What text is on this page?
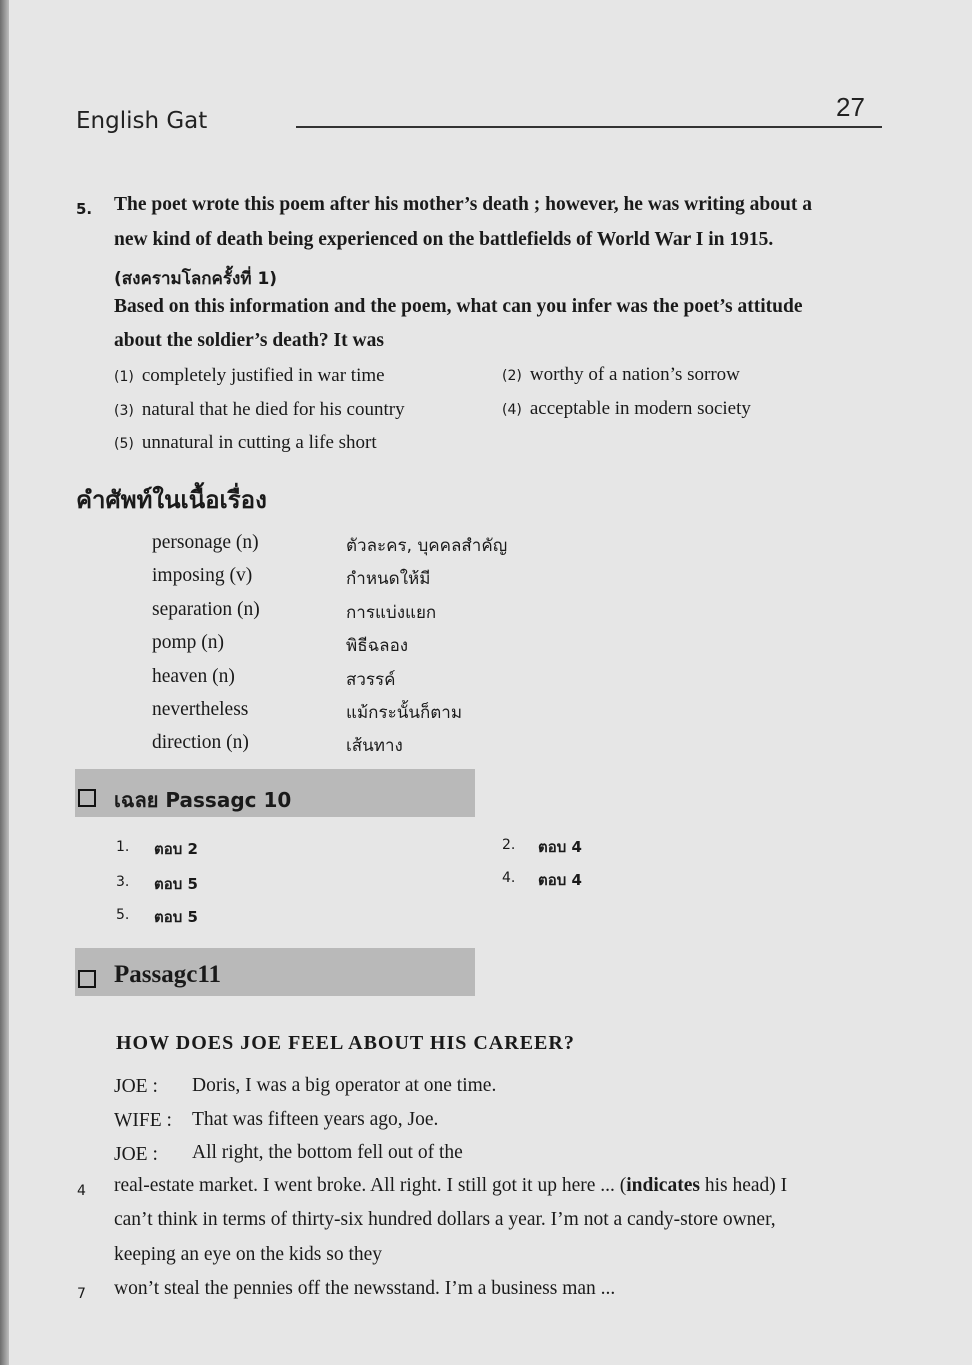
English Gat	27
5. The poet wrote this poem after his mother’s death ; however, he was writing about a
new kind of death being experienced on the battlefields of World War I in 1915.
(สงครามโลกครั้งที่ 1)
Based on this information and the poem, what can you infer was the poet’s attitude
about the soldier’s death? It was
(1) completely justified in war time	(2) worthy of a nation’s sorrow
(3) natural that he died for his country	(4) acceptable in modern society
(5) unnatural in cutting a life short
คำศัพท์ในเนื้อเรื่อง
personage (n)	ตัวละคร, บุคคลสำคัญ
imposing (v)	กำหนดให้มี
separation (n)	การแบ่งแยก
pomp (n)	พิธีฉลอง
heaven (n)	สวรรค์
nevertheless	แม้กระนั้นก็ตาม
direction (n)	เส้นทาง
เฉลย Passagc 10
1. ตอบ 2	2. ตอบ 4
3. ตอบ 5	4. ตอบ 4
5. ตอบ 5
Passagc11
HOW DOES JOE FEEL ABOUT HIS CAREER?
JOE : Doris, I was a big operator at one time.
WIFE : That was fifteen years ago, Joe.
JOE : All right, the bottom fell out of the
4 real-estate market. I went broke. All right. I still got it up here ... (indicates his head) I
can’t think in terms of thirty-six hundred dollars a year. I’m not a candy-store owner,
keeping an eye on the kids so they
7 won’t steal the pennies off the newsstand. I’m a business man ...
